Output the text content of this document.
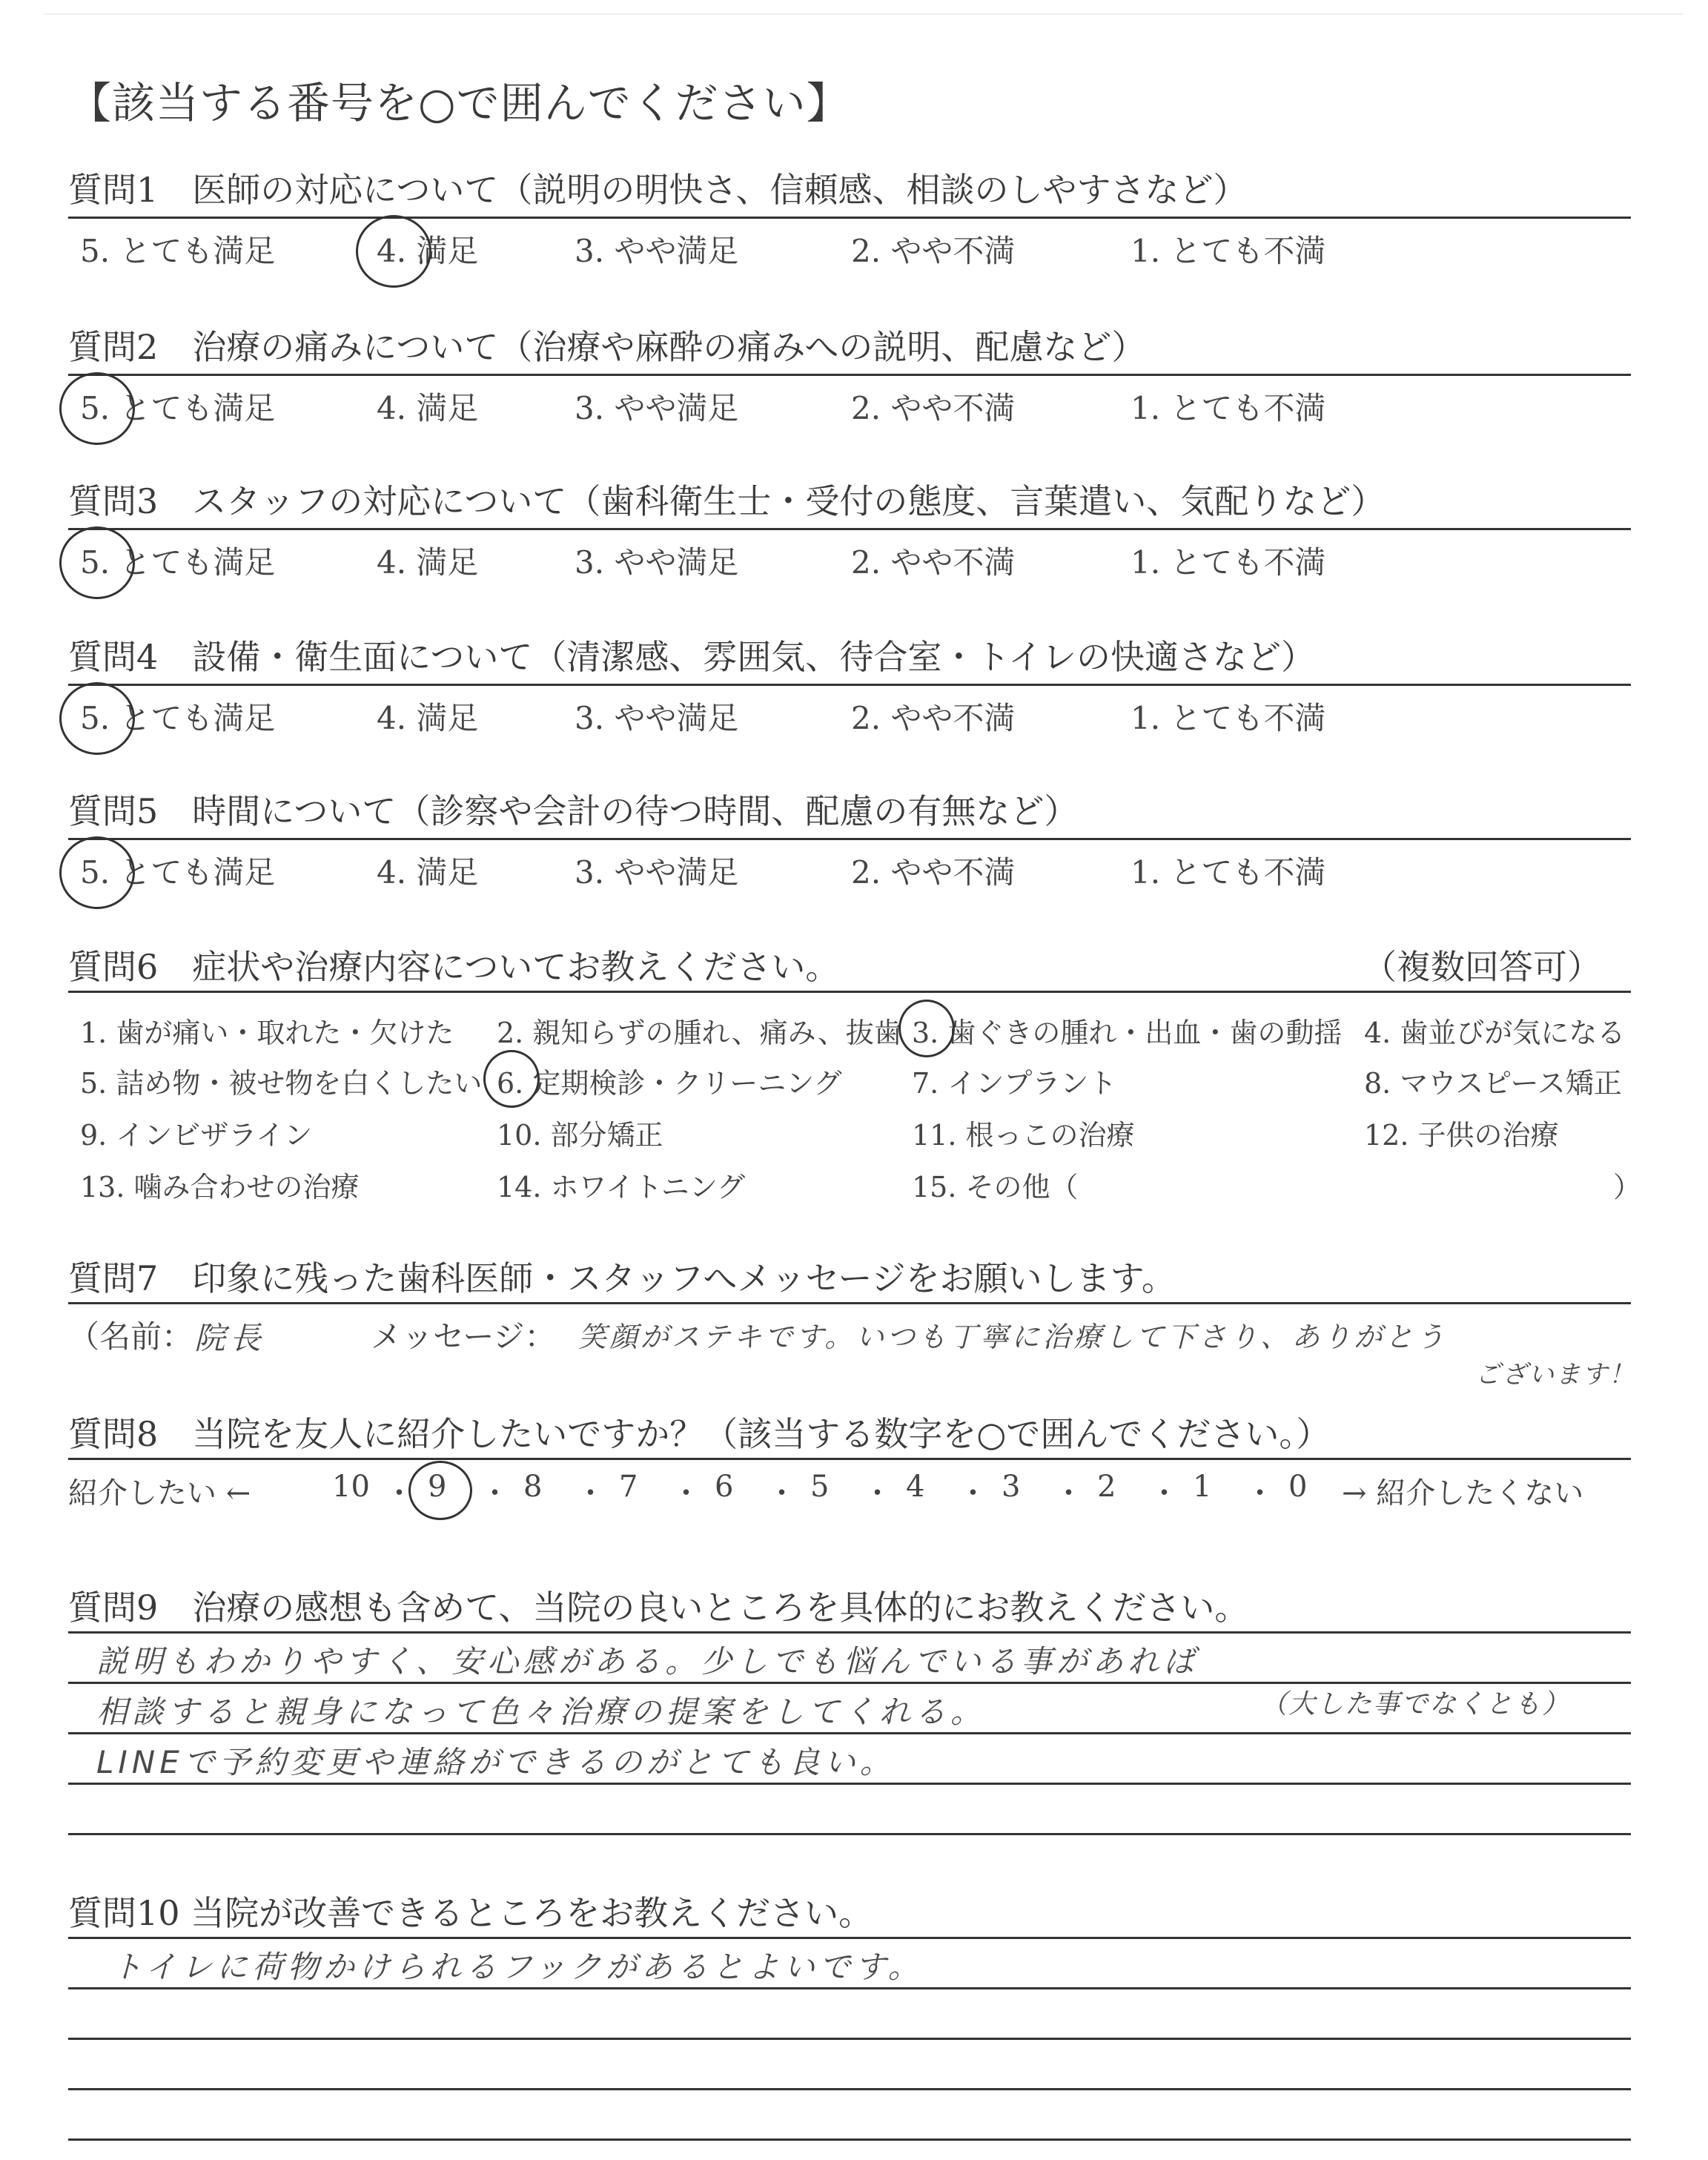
【該当する番号を○で囲んでください】
質問1　医師の対応について（説明の明快さ、信頼感、相談のしやすさなど）
5. とても満足	4. 満足	3. やや満足	2. やや不満	1. とても不満
質問2　治療の痛みについて（治療や麻酔の痛みへの説明、配慮など）
5. とても満足	4. 満足	3. やや満足	2. やや不満	1. とても不満
質問3　スタッフの対応について（歯科衛生士・受付の態度、言葉遣い、気配りなど）
5. とても満足	4. 満足	3. やや満足	2. やや不満	1. とても不満
質問4　設備・衛生面について（清潔感、雰囲気、待合室・トイレの快適さなど）
5. とても満足	4. 満足	3. やや満足	2. やや不満	1. とても不満
質問5　時間について（診察や会計の待つ時間、配慮の有無など）
5. とても満足	4. 満足	3. やや満足	2. やや不満	1. とても不満
質問6　症状や治療内容についてお教えください。	（複数回答可）
1. 歯が痛い・取れた・欠けた 2. 親知らずの腫れ、痛み、抜歯 3. 歯ぐきの腫れ・出血・歯の動揺 4. 歯並びが気になる
5. 詰め物・被せ物を白くしたい 6. 定期検診・クリーニング 7. インプラント	8. マウスピース矯正
9. インビザライン	10. 部分矯正	11. 根っこの治療	12. 子供の治療
13. 噛み合わせの治療	14. ホワイトニング	15. その他（	）
質問7　印象に残った歯科医師・スタッフへメッセージをお願いします。
（名前： 院長	メッセージ： 笑顔がステキです。いつも丁寧に治療して下さり、ありがとう
ございます！
質問8　当院を友人に紹介したいですか？（該当する数字を○で囲んでください。）
紹介したい ←	→ 紹介したくない
10 ・ 9 ・ 8 ・ 7 ・ 6 ・ 5 ・ 4 ・ 3 ・ 2 ・ 1 ・ 0
質問9　治療の感想も含めて、当院の良いところを具体的にお教えください。
説明もわかりやすく、安心感がある。少しでも悩んでいる事があれば
相談すると親身になって色々治療の提案をしてくれる。	（大した事でなくとも）
LINEで予約変更や連絡ができるのがとても良い。
質問10 当院が改善できるところをお教えください。
トイレに荷物かけられるフックがあるとよいです。
